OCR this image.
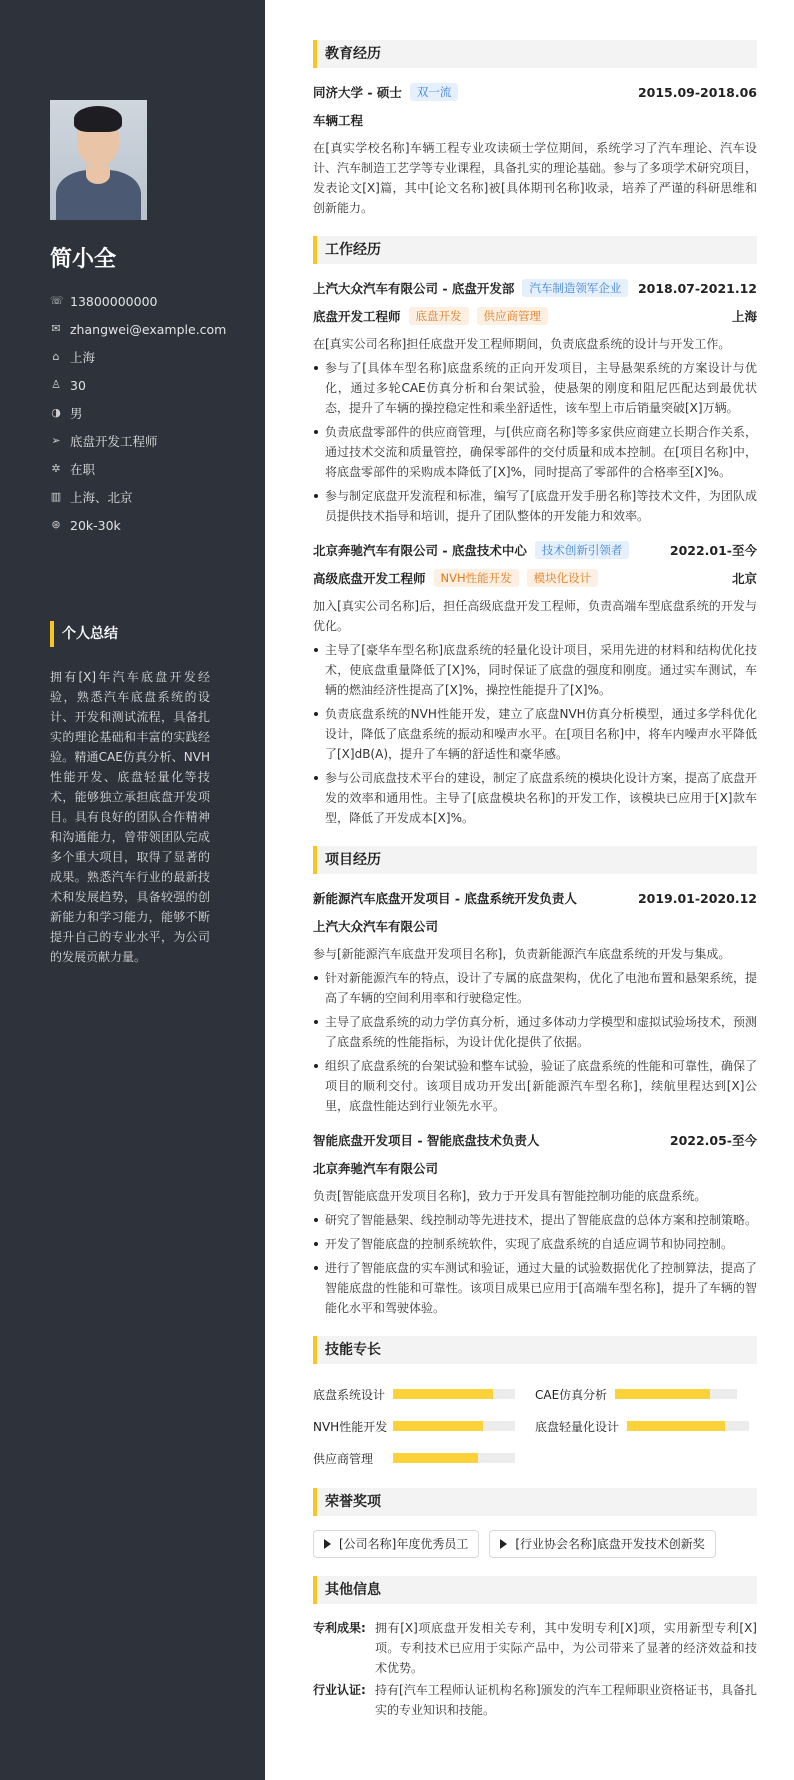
简小全
☏ 13800000000
✉ zhangwei@example.com
⌂ 上海
♙ 30
◑ 男
➢ 底盘开发工程师
✲ 在职
▥ 上海、北京
⊛ 20k-30k
个人总结
拥有[X]年汽车底盘开发经验，熟悉汽车底盘系统的设计、开发和测试流程，具备扎实的理论基础和丰富的实践经验。精通CAE仿真分析、NVH性能开发、底盘轻量化等技术，能够独立承担底盘开发项目。具有良好的团队合作精神和沟通能力，曾带领团队完成多个重大项目，取得了显著的成果。熟悉汽车行业的最新技术和发展趋势，具备较强的创新能力和学习能力，能够不断提升自己的专业水平，为公司的发展贡献力量。
教育经历
同济大学 - 硕士	双一流	2015.09-2018.06
车辆工程
在[真实学校名称]车辆工程专业攻读硕士学位期间，系统学习了汽车理论、汽车设计、汽车制造工艺学等专业课程，具备扎实的理论基础。参与了多项学术研究项目，发表论文[X]篇，其中[论文名称]被[具体期刊名称]收录，培养了严谨的科研思维和创新能力。
工作经历
上汽大众汽车有限公司 - 底盘开发部	汽车制造领军企业	2018.07-2021.12
底盘开发工程师	底盘开发	供应商管理	上海
在[真实公司名称]担任底盘开发工程师期间，负责底盘系统的设计与开发工作。
参与了[具体车型名称]底盘系统的正向开发项目，主导悬架系统的方案设计与优化，通过多轮CAE仿真分析和台架试验，使悬架的刚度和阻尼匹配达到最优状态，提升了车辆的操控稳定性和乘坐舒适性，该车型上市后销量突破[X]万辆。
负责底盘零部件的供应商管理，与[供应商名称]等多家供应商建立长期合作关系，通过技术交流和质量管控，确保零部件的交付质量和成本控制。在[项目名称]中，将底盘零部件的采购成本降低了[X]%，同时提高了零部件的合格率至[X]%。
参与制定底盘开发流程和标准，编写了[底盘开发手册名称]等技术文件，为团队成员提供技术指导和培训，提升了团队整体的开发能力和效率。
北京奔驰汽车有限公司 - 底盘技术中心	技术创新引领者	2022.01-至今
高级底盘开发工程师	NVH性能开发	模块化设计	北京
加入[真实公司名称]后，担任高级底盘开发工程师，负责高端车型底盘系统的开发与优化。
主导了[豪华车型名称]底盘系统的轻量化设计项目，采用先进的材料和结构优化技术，使底盘重量降低了[X]%，同时保证了底盘的强度和刚度。通过实车测试，车辆的燃油经济性提高了[X]%，操控性能提升了[X]%。
负责底盘系统的NVH性能开发，建立了底盘NVH仿真分析模型，通过多学科优化设计，降低了底盘系统的振动和噪声水平。在[项目名称]中，将车内噪声水平降低了[X]dB(A)，提升了车辆的舒适性和豪华感。
参与公司底盘技术平台的建设，制定了底盘系统的模块化设计方案，提高了底盘开发的效率和通用性。主导了[底盘模块名称]的开发工作，该模块已应用于[X]款车型，降低了开发成本[X]%。
项目经历
新能源汽车底盘开发项目 - 底盘系统开发负责人	2019.01-2020.12
上汽大众汽车有限公司
参与[新能源汽车底盘开发项目名称]，负责新能源汽车底盘系统的开发与集成。
针对新能源汽车的特点，设计了专属的底盘架构，优化了电池布置和悬架系统，提高了车辆的空间利用率和行驶稳定性。
主导了底盘系统的动力学仿真分析，通过多体动力学模型和虚拟试验场技术，预测了底盘系统的性能指标，为设计优化提供了依据。
组织了底盘系统的台架试验和整车试验，验证了底盘系统的性能和可靠性，确保了项目的顺利交付。该项目成功开发出[新能源汽车型名称]，续航里程达到[X]公里，底盘性能达到行业领先水平。
智能底盘开发项目 - 智能底盘技术负责人	2022.05-至今
北京奔驰汽车有限公司
负责[智能底盘开发项目名称]，致力于开发具有智能控制功能的底盘系统。
研究了智能悬架、线控制动等先进技术，提出了智能底盘的总体方案和控制策略。
开发了智能底盘的控制系统软件，实现了底盘系统的自适应调节和协同控制。
进行了智能底盘的实车测试和验证，通过大量的试验数据优化了控制算法，提高了智能底盘的性能和可靠性。该项目成果已应用于[高端车型名称]，提升了车辆的智能化水平和驾驶体验。
技能专长
底盘系统设计	CAE仿真分析
NVH性能开发	底盘轻量化设计
供应商管理
荣誉奖项
[公司名称]年度优秀员工	[行业协会名称]底盘开发技术创新奖
其他信息
专利成果: 拥有[X]项底盘开发相关专利，其中发明专利[X]项，实用新型专利[X]项。专利技术已应用于实际产品中，为公司带来了显著的经济效益和技术优势。
行业认证: 持有[汽车工程师认证机构名称]颁发的汽车工程师职业资格证书，具备扎实的专业知识和技能。
